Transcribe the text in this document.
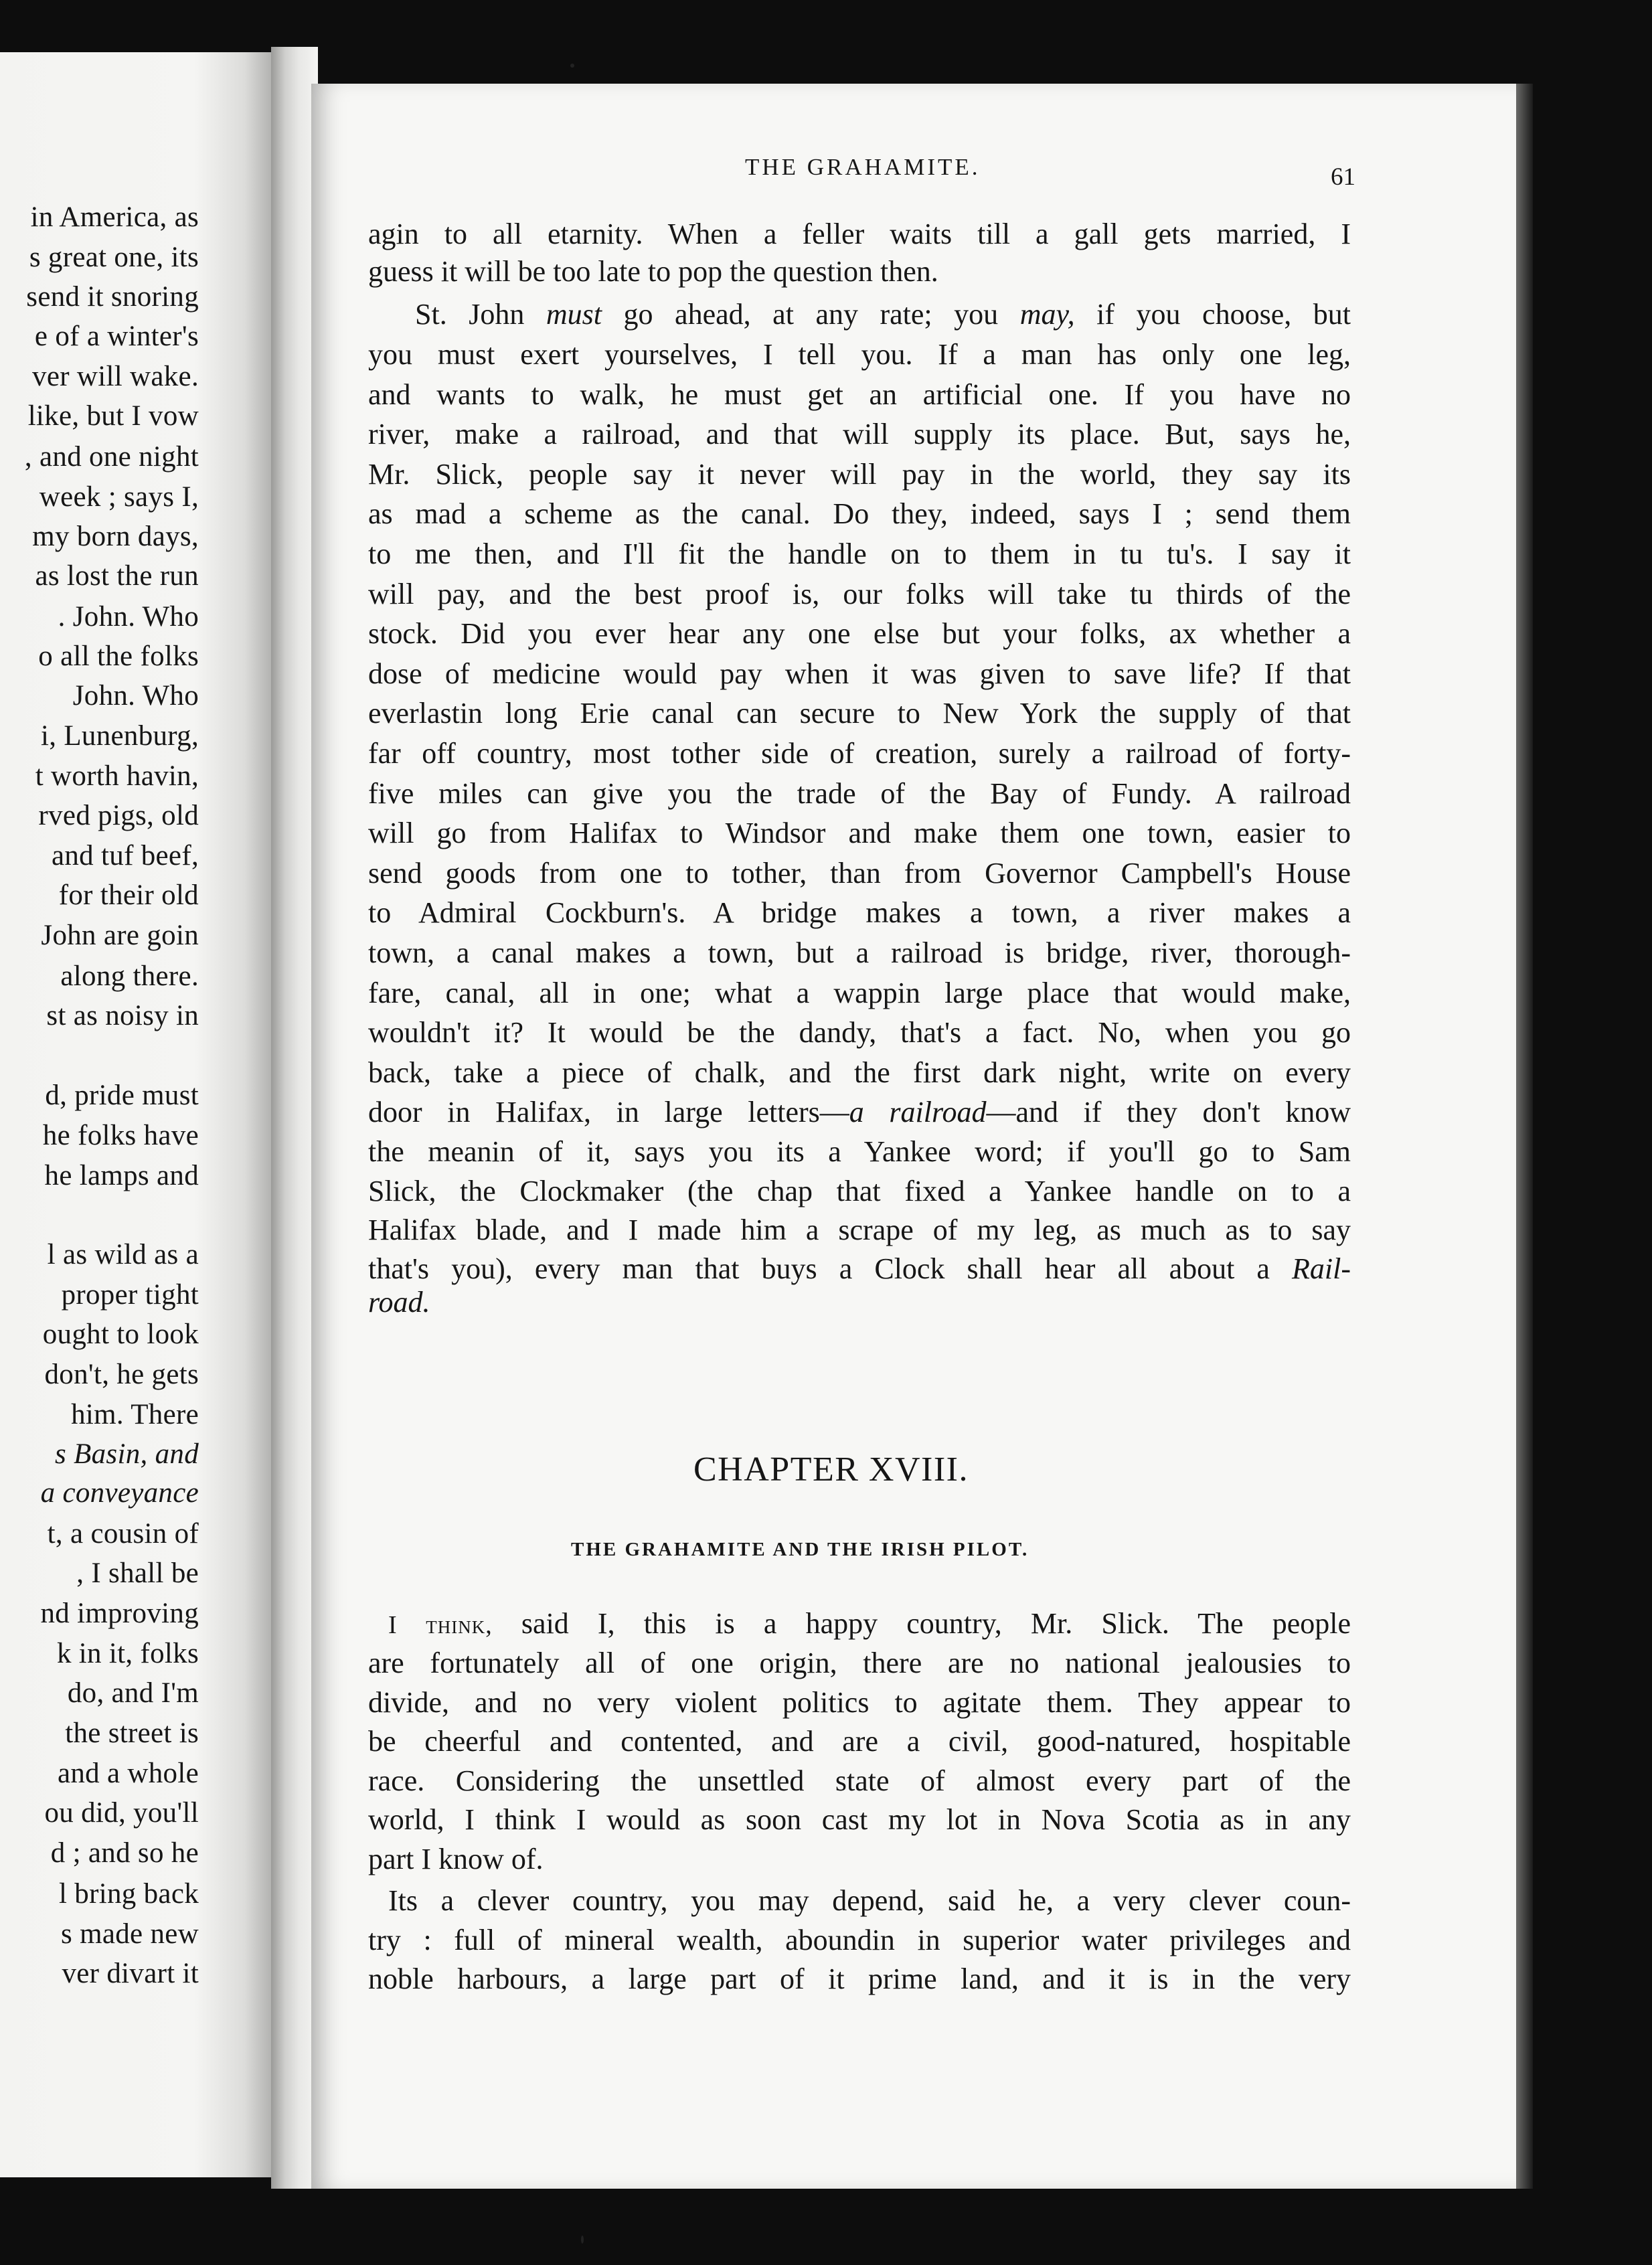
in America, as
s great one, its
send it snoring
e of a winter's
ver will wake.
like, but I vow
, and one night
week ; says I,
my born days,
as lost the run
. John. Who
o all the folks
John. Who
i, Lunenburg,
t worth havin,
rved pigs, old
and tuf beef,
for their old
John are goin
along there.
st as noisy in
d, pride must
he folks have
he lamps and
l as wild as a
proper tight
ought to look
don't, he gets
him. There
s Basin, and
a conveyance
t, a cousin of
, I shall be
nd improving
k in it, folks
do, and I'm
the street is
and a whole
ou did, you'll
d ; and so he
l bring back
s made new
ver divart it
THE GRAHAMITE.	61
agin to all etarnity. When a feller waits till a gall gets married, I
guess it will be too late to pop the question then.
St. John must go ahead, at any rate; you may, if you choose, but
you must exert yourselves, I tell you. If a man has only one leg,
and wants to walk, he must get an artificial one. If you have no
river, make a railroad, and that will supply its place. But, says he,
Mr. Slick, people say it never will pay in the world, they say its
as mad a scheme as the canal. Do they, indeed, says I ; send them
to me then, and I'll fit the handle on to them in tu tu's. I say it
will pay, and the best proof is, our folks will take tu thirds of the
stock. Did you ever hear any one else but your folks, ax whether a
dose of medicine would pay when it was given to save life? If that
everlastin long Erie canal can secure to New York the supply of that
far off country, most tother side of creation, surely a railroad of forty-
five miles can give you the trade of the Bay of Fundy. A railroad
will go from Halifax to Windsor and make them one town, easier to
send goods from one to tother, than from Governor Campbell's House
to Admiral Cockburn's. A bridge makes a town, a river makes a
town, a canal makes a town, but a railroad is bridge, river, thorough-
fare, canal, all in one; what a wappin large place that would make,
wouldn't it? It would be the dandy, that's a fact. No, when you go
back, take a piece of chalk, and the first dark night, write on every
door in Halifax, in large letters—a railroad—and if they don't know
the meanin of it, says you its a Yankee word; if you'll go to Sam
Slick, the Clockmaker (the chap that fixed a Yankee handle on to a
Halifax blade, and I made him a scrape of my leg, as much as to say
that's you), every man that buys a Clock shall hear all about a Rail-
road.
CHAPTER XVIII.
THE GRAHAMITE AND THE IRISH PILOT.
I think, said I, this is a happy country, Mr. Slick. The people
are fortunately all of one origin, there are no national jealousies to
divide, and no very violent politics to agitate them. They appear to
be cheerful and contented, and are a civil, good-natured, hospitable
race. Considering the unsettled state of almost every part of the
world, I think I would as soon cast my lot in Nova Scotia as in any
part I know of.
Its a clever country, you may depend, said he, a very clever coun-
try : full of mineral wealth, aboundin in superior water privileges and
noble harbours, a large part of it prime land, and it is in the very
